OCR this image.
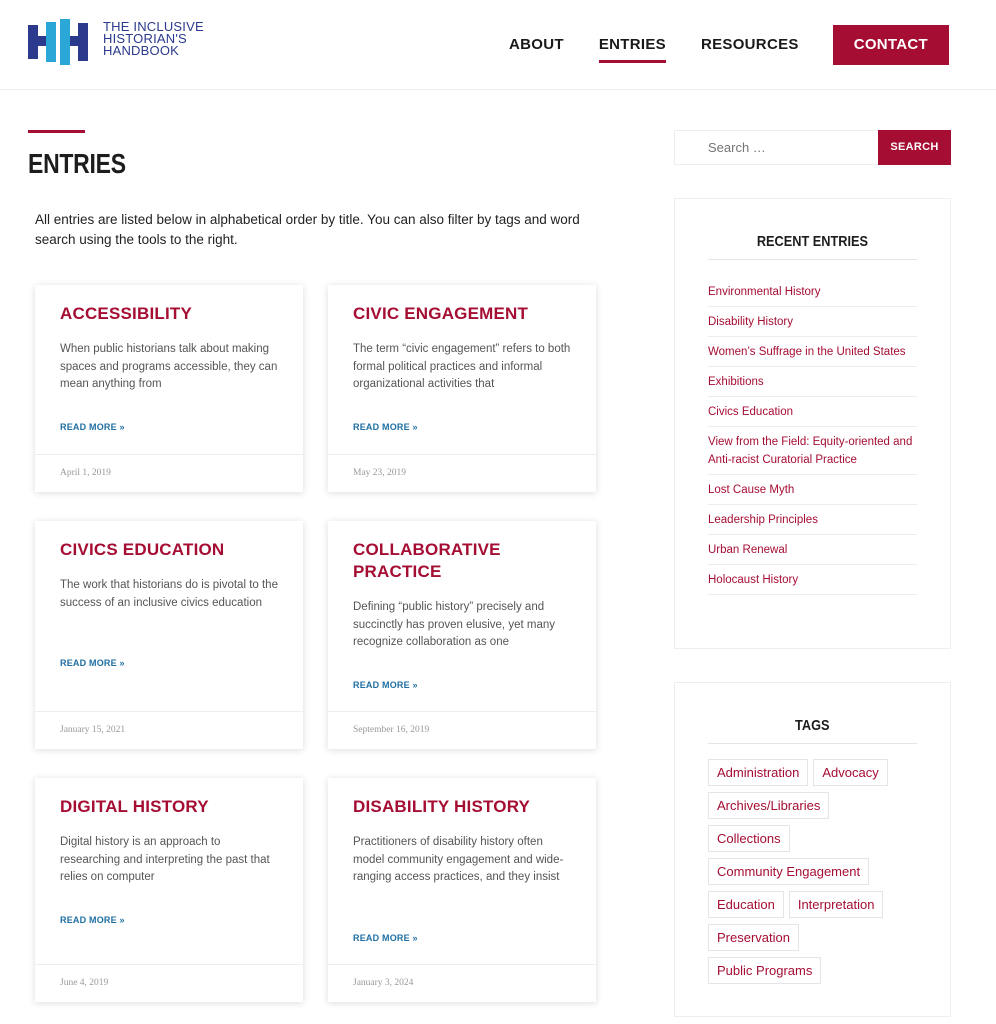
THE INCLUSIVE
HISTORIAN'S
HANDBOOK	ABOUT ENTRIES RESOURCES	CONTACT
ENTRIES

All entries are listed below in alphabetical order by title. You can also filter by tags and word search using the tools to the right.

ACCESSIBILITY
When public historians talk about making spaces and programs accessible, they can mean anything from
READ MORE »
April 1, 2019
CIVIC ENGAGEMENT
The term “civic engagement” refers to both formal political practices and informal organizational activities that
READ MORE »
May 23, 2019
CIVICS EDUCATION
The work that historians do is pivotal to the success of an inclusive civics education
READ MORE »
January 15, 2021
COLLABORATIVE PRACTICE
Defining “public history” precisely and succinctly has proven elusive, yet many recognize collaboration as one
READ MORE »
September 16, 2019
DIGITAL HISTORY
Digital history is an approach to researching and interpreting the past that relies on computer
READ MORE »
June 4, 2019
DISABILITY HISTORY
Practitioners of disability history often model community engagement and wide-ranging access practices, and they insist
READ MORE »
January 3, 2024
Search …
SEARCH
RECENT ENTRIES
Environmental History
Disability History
Women’s Suffrage in the United States
Exhibitions
Civics Education
View from the Field: Equity-oriented and Anti-racist Curatorial Practice
Lost Cause Myth
Leadership Principles
Urban Renewal
Holocaust History
TAGS
Administration	Advocacy
Archives/Libraries
Collections
Community Engagement
Education	Interpretation
Preservation
Public Programs
